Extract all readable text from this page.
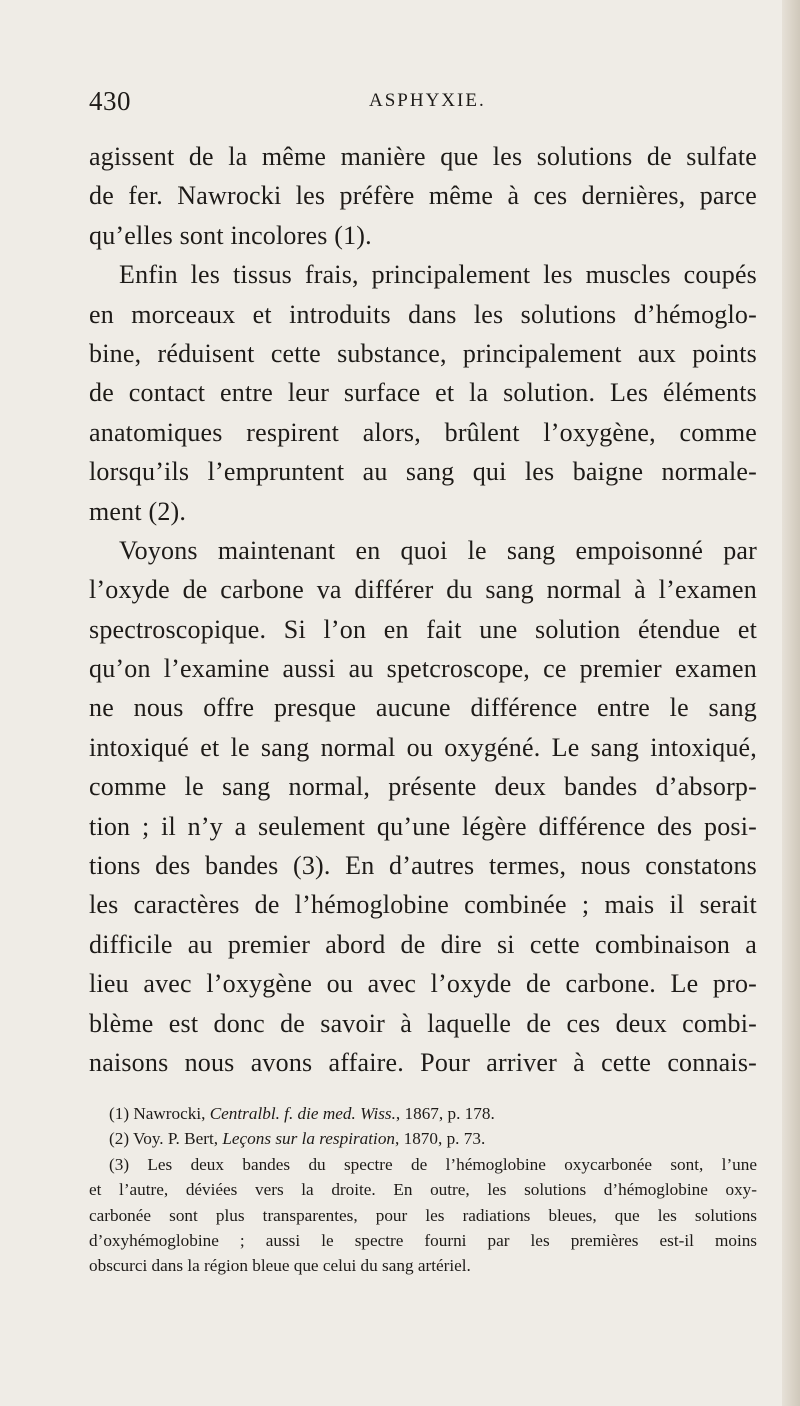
430	ASPHYXIE.
agissent de la même manière que les solutions de sulfate
de fer. Nawrocki les préfère même à ces dernières, parce
qu’elles sont incolores (1).
Enfin les tissus frais, principalement les muscles coupés
en morceaux et introduits dans les solutions d’hémoglo-
bine, réduisent cette substance, principalement aux points
de contact entre leur surface et la solution. Les éléments
anatomiques respirent alors, brûlent l’oxygène, comme
lorsqu’ils l’empruntent au sang qui les baigne normale-
ment (2).
Voyons maintenant en quoi le sang empoisonné par
l’oxyde de carbone va différer du sang normal à l’examen
spectroscopique. Si l’on en fait une solution étendue et
qu’on l’examine aussi au spetcroscope, ce premier examen
ne nous offre presque aucune différence entre le sang
intoxiqué et le sang normal ou oxygéné. Le sang intoxiqué,
comme le sang normal, présente deux bandes d’absorp-
tion ; il n’y a seulement qu’une légère différence des posi-
tions des bandes (3). En d’autres termes, nous constatons
les caractères de l’hémoglobine combinée ; mais il serait
difficile au premier abord de dire si cette combinaison a
lieu avec l’oxygène ou avec l’oxyde de carbone. Le pro-
blème est donc de savoir à laquelle de ces deux combi-
naisons nous avons affaire. Pour arriver à cette connais-
(1) Nawrocki, Centralbl. f. die med. Wiss., 1867, p. 178.
(2) Voy. P. Bert, Leçons sur la respiration, 1870, p. 73.
(3) Les deux bandes du spectre de l’hémoglobine oxycarbonée sont, l’une
et l’autre, déviées vers la droite. En outre, les solutions d’hémoglobine oxy-
carbonée sont plus transparentes, pour les radiations bleues, que les solutions
d’oxyhémoglobine ; aussi le spectre fourni par les premières est-il moins
obscurci dans la région bleue que celui du sang artériel.
